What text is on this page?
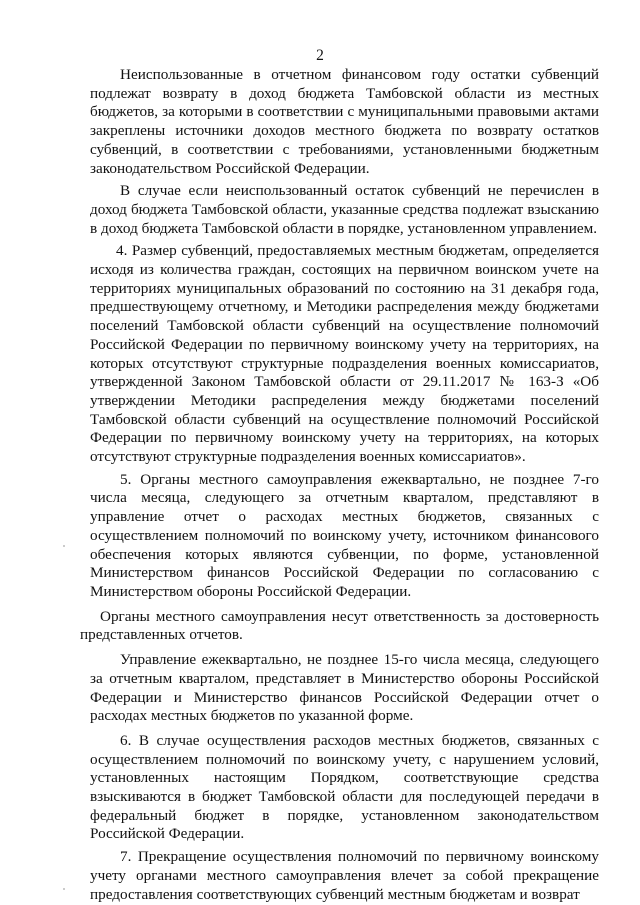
2

Неиспользованные в отчетном финансовом году остатки субвенций подлежат возврату в доход бюджета Тамбовской области из местных бюджетов, за которыми в соответствии с муниципальными правовыми актами закреплены источники доходов местного бюджета по возврату остатков субвенций, в соответствии с требованиями, установленными бюджетным законодательством Российской Федерации.

В случае если неиспользованный остаток субвенций не перечислен в доход бюджета Тамбовской области, указанные средства подлежат взысканию в доход бюджета Тамбовской области в порядке, установленном управлением.

4. Размер субвенций, предоставляемых местным бюджетам, определяется исходя из количества граждан, состоящих на первичном воинском учете на территориях муниципальных образований по состоянию на 31 декабря года, предшествующему отчетному, и Методики распределения между бюджетами поселений Тамбовской области субвенций на осуществление полномочий Российской Федерации по первичному воинскому учету на территориях, на которых отсутствуют структурные подразделения военных комиссариатов, утвержденной Законом Тамбовской области от 29.11.2017 № 163-З «Об утверждении Методики распределения между бюджетами поселений Тамбовской области субвенций на осуществление полномочий Российской Федерации по первичному воинскому учету на территориях, на которых отсутствуют структурные подразделения военных комиссариатов».

5. Органы местного самоуправления ежеквартально, не позднее 7-го числа месяца, следующего за отчетным кварталом, представляют в управление отчет о расходах местных бюджетов, связанных с осуществлением полномочий по воинскому учету, источником финансового обеспечения которых являются субвенции, по форме, установленной Министерством финансов Российской Федерации по согласованию с Министерством обороны Российской Федерации.

Органы местного самоуправления несут ответственность за достоверность представленных отчетов.

Управление ежеквартально, не позднее 15-го числа месяца, следующего за отчетным кварталом, представляет в Министерство обороны Российской Федерации и Министерство финансов Российской Федерации отчет о расходах местных бюджетов по указанной форме.

6. В случае осуществления расходов местных бюджетов, связанных с осуществлением полномочий по воинскому учету, с нарушением условий, установленных настоящим Порядком, соответствующие средства взыскиваются в бюджет Тамбовской области для последующей передачи в федеральный бюджет в порядке, установленном законодательством Российской Федерации.

7. Прекращение осуществления полномочий по первичному воинскому учету органами местного самоуправления влечет за собой прекращение предоставления соответствующих субвенций местным бюджетам и возврат
